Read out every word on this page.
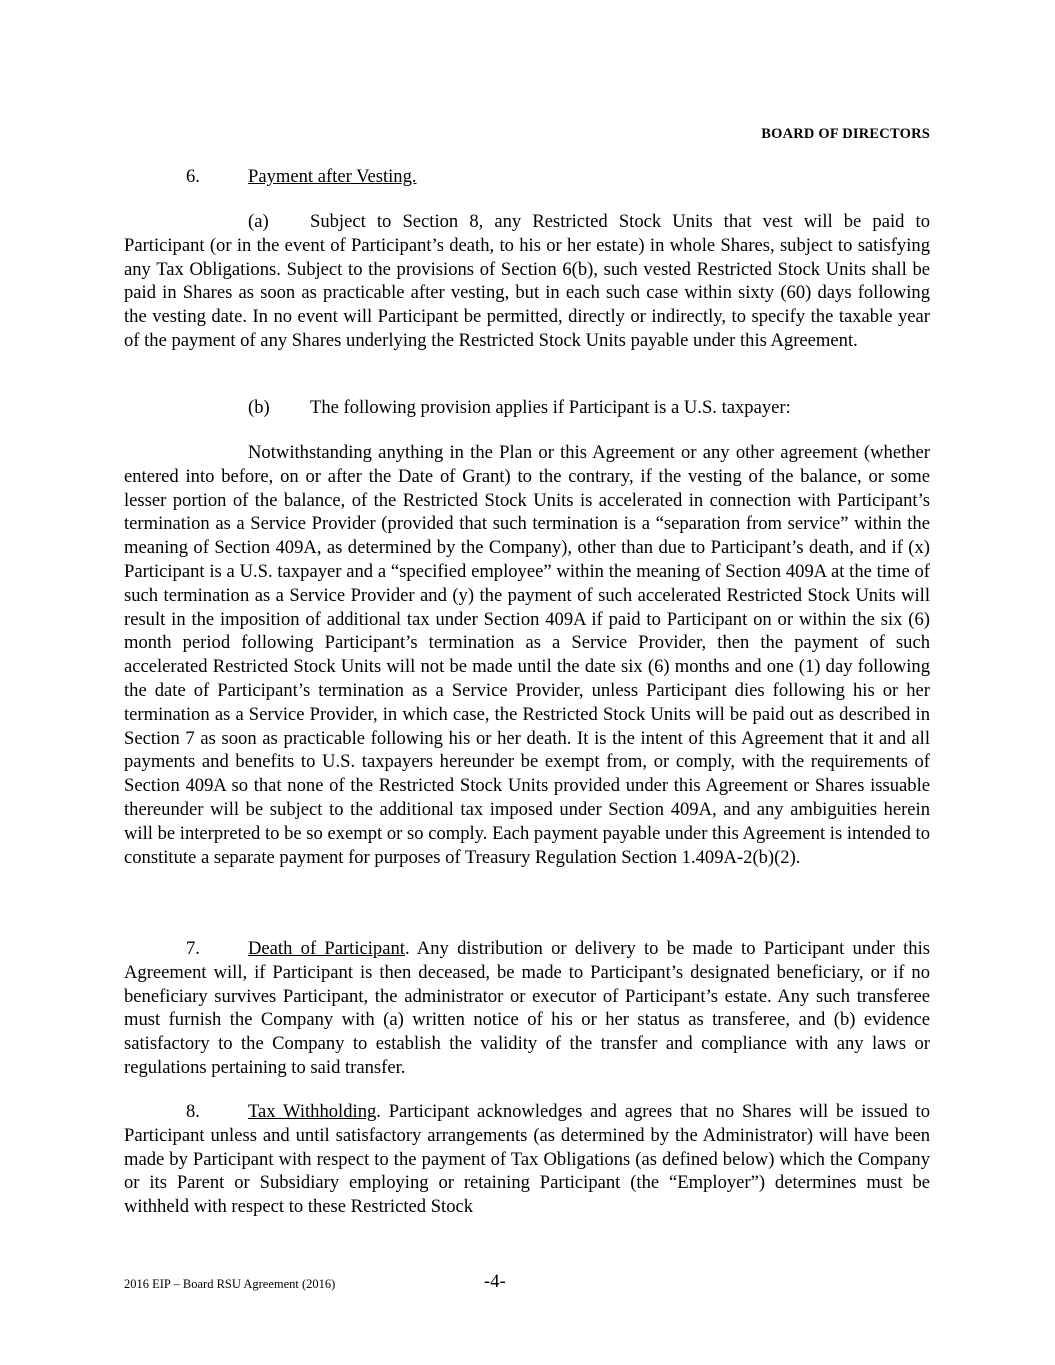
BOARD OF DIRECTORS
6.	Payment after Vesting.

(a) Subject to Section 8, any Restricted Stock Units that vest will be paid to Participant (or in the event of Participant’s death, to his or her estate) in whole Shares, subject to satisfying any Tax Obligations. Subject to the provisions of Section 6(b), such vested Restricted Stock Units shall be paid in Shares as soon as practicable after vesting, but in each such case within sixty (60) days following the vesting date. In no event will Participant be permitted, directly or indirectly, to specify the taxable year of the payment of any Shares underlying the Restricted Stock Units payable under this Agreement.

(b) The following provision applies if Participant is a U.S. taxpayer:

Notwithstanding anything in the Plan or this Agreement or any other agreement (whether entered into before, on or after the Date of Grant) to the contrary, if the vesting of the balance, or some lesser portion of the balance, of the Restricted Stock Units is accelerated in connection with Participant’s termination as a Service Provider (provided that such termination is a “separation from service” within the meaning of Section 409A, as determined by the Company), other than due to Participant’s death, and if (x) Participant is a U.S. taxpayer and a “specified employee” within the meaning of Section 409A at the time of such termination as a Service Provider and (y) the payment of such accelerated Restricted Stock Units will result in the imposition of additional tax under Section 409A if paid to Participant on or within the six (6) month period following Participant’s termination as a Service Provider, then the payment of such accelerated Restricted Stock Units will not be made until the date six (6) months and one (1) day following the date of Participant’s termination as a Service Provider, unless Participant dies following his or her termination as a Service Provider, in which case, the Restricted Stock Units will be paid out as described in Section 7 as soon as practicable following his or her death. It is the intent of this Agreement that it and all payments and benefits to U.S. taxpayers hereunder be exempt from, or comply, with the requirements of Section 409A so that none of the Restricted Stock Units provided under this Agreement or Shares issuable thereunder will be subject to the additional tax imposed under Section 409A, and any ambiguities herein will be interpreted to be so exempt or so comply. Each payment payable under this Agreement is intended to constitute a separate payment for purposes of Treasury Regulation Section 1.409A-2(b)(2).

7.	Death of Participant. Any distribution or delivery to be made to Participant under this Agreement will, if Participant is then deceased, be made to Participant’s designated beneficiary, or if no beneficiary survives Participant, the administrator or executor of Participant’s estate. Any such transferee must furnish the Company with (a) written notice of his or her status as transferee, and (b) evidence satisfactory to the Company to establish the validity of the transfer and compliance with any laws or regulations pertaining to said transfer.

8.	Tax Withholding. Participant acknowledges and agrees that no Shares will be issued to Participant unless and until satisfactory arrangements (as determined by the Administrator) will have been made by Participant with respect to the payment of Tax Obligations (as defined below) which the Company or its Parent or Subsidiary employing or retaining Participant (the “Employer”) determines must be withheld with respect to these Restricted Stock

2016 EIP – Board RSU Agreement (2016)	-4-
